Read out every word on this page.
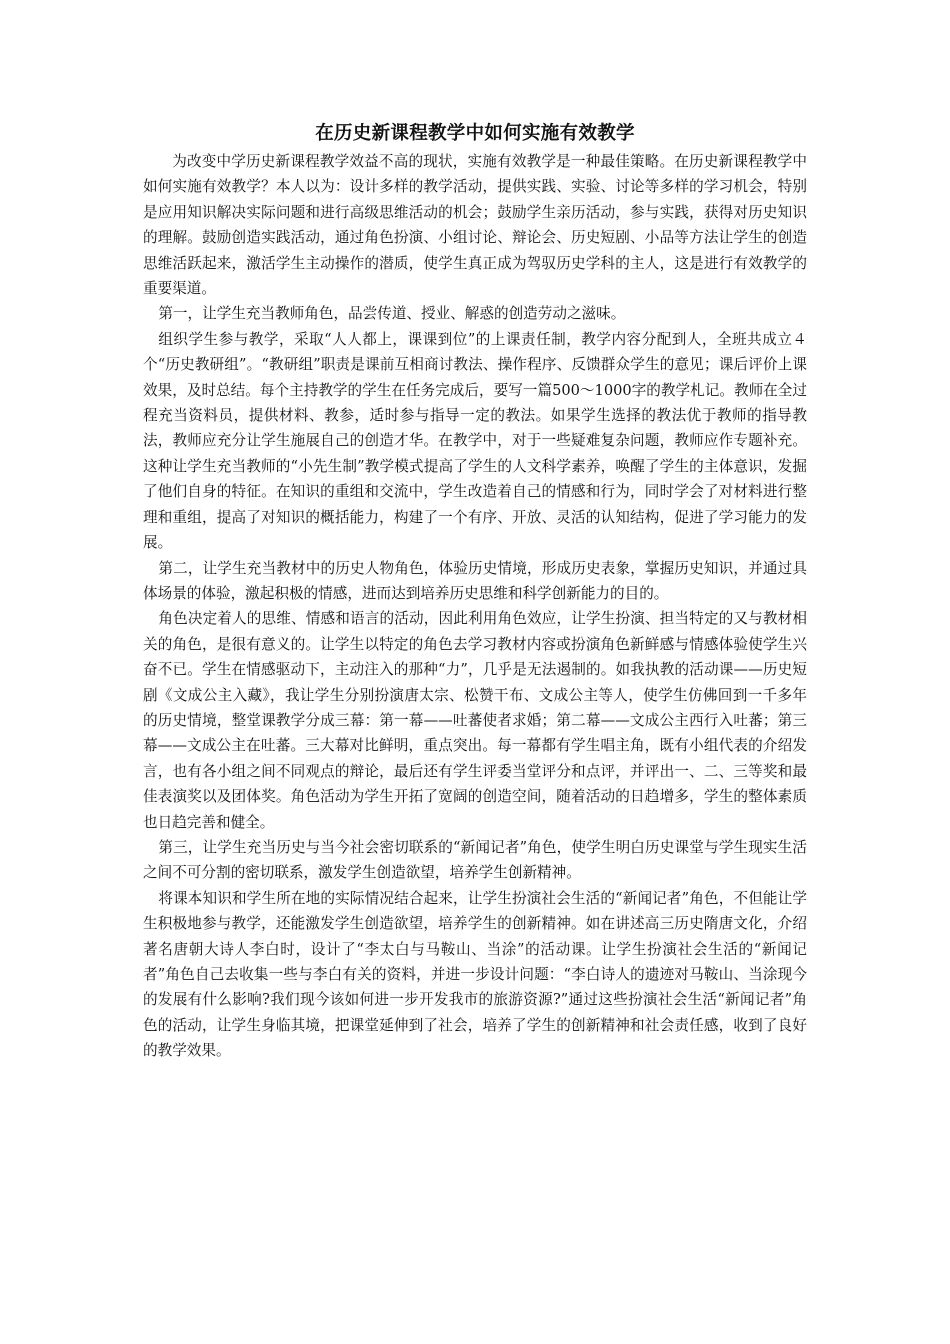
在历史新课程教学中如何实施有效教学

为改变中学历史新课程教学效益不高的现状，实施有效教学是一种最佳策略。在历史新课程教学中如何实施有效教学？本人以为：设计多样的教学活动，提供实践、实验、讨论等多样的学习机会，特别是应用知识解决实际问题和进行高级思维活动的机会；鼓励学生亲历活动，参与实践，获得对历史知识的理解。鼓励创造实践活动，通过角色扮演、小组讨论、辩论会、历史短剧、小品等方法让学生的创造思维活跃起来，激活学生主动操作的潜质，使学生真正成为驾驭历史学科的主人，这是进行有效教学的重要渠道。

第一，让学生充当教师角色，品尝传道、授业、解惑的创造劳动之滋味。

组织学生参与教学，采取“人人都上，课课到位”的上课责任制，教学内容分配到人，全班共成立４个“历史教研组”。“教研组”职责是课前互相商讨教法、操作程序、反馈群众学生的意见；课后评价上课效果，及时总结。每个主持教学的学生在任务完成后，要写一篇500～1000字的教学札记。教师在全过程充当资料员，提供材料、教参，适时参与指导一定的教法。如果学生选择的教法优于教师的指导教法，教师应充分让学生施展自己的创造才华。在教学中，对于一些疑难复杂问题，教师应作专题补充。这种让学生充当教师的“小先生制”教学模式提高了学生的人文科学素养，唤醒了学生的主体意识，发掘了他们自身的特征。在知识的重组和交流中，学生改造着自己的情感和行为，同时学会了对材料进行整理和重组，提高了对知识的概括能力，构建了一个有序、开放、灵活的认知结构，促进了学习能力的发展。

第二，让学生充当教材中的历史人物角色，体验历史情境，形成历史表象，掌握历史知识，并通过具体场景的体验，激起积极的情感，进而达到培养历史思维和科学创新能力的目的。

角色决定着人的思维、情感和语言的活动，因此利用角色效应，让学生扮演、担当特定的又与教材相关的角色，是很有意义的。让学生以特定的角色去学习教材内容或扮演角色新鲜感与情感体验使学生兴奋不已。学生在情感驱动下，主动注入的那种“力”，几乎是无法遏制的。如我执教的活动课——历史短剧《文成公主入藏》，我让学生分别扮演唐太宗、松赞干布、文成公主等人，使学生仿佛回到一千多年的历史情境，整堂课教学分成三幕：第一幕——吐蕃使者求婚；第二幕——文成公主西行入吐蕃；第三幕——文成公主在吐蕃。三大幕对比鲜明，重点突出。每一幕都有学生唱主角，既有小组代表的介绍发言，也有各小组之间不同观点的辩论，最后还有学生评委当堂评分和点评，并评出一、二、三等奖和最佳表演奖以及团体奖。角色活动为学生开拓了宽阔的创造空间，随着活动的日趋增多，学生的整体素质也日趋完善和健全。

第三，让学生充当历史与当今社会密切联系的“新闻记者”角色，使学生明白历史课堂与学生现实生活之间不可分割的密切联系，激发学生创造欲望，培养学生创新精神。

将课本知识和学生所在地的实际情况结合起来，让学生扮演社会生活的“新闻记者”角色，不但能让学生积极地参与教学，还能激发学生创造欲望，培养学生的创新精神。如在讲述高三历史隋唐文化，介绍著名唐朝大诗人李白时，设计了“李太白与马鞍山、当涂”的活动课。让学生扮演社会生活的“新闻记者”角色自己去收集一些与李白有关的资料，并进一步设计问题：“李白诗人的遗迹对马鞍山、当涂现今的发展有什么影响?我们现今该如何进一步开发我市的旅游资源?”通过这些扮演社会生活“新闻记者”角色的活动，让学生身临其境，把课堂延伸到了社会，培养了学生的创新精神和社会责任感，收到了良好的教学效果。
